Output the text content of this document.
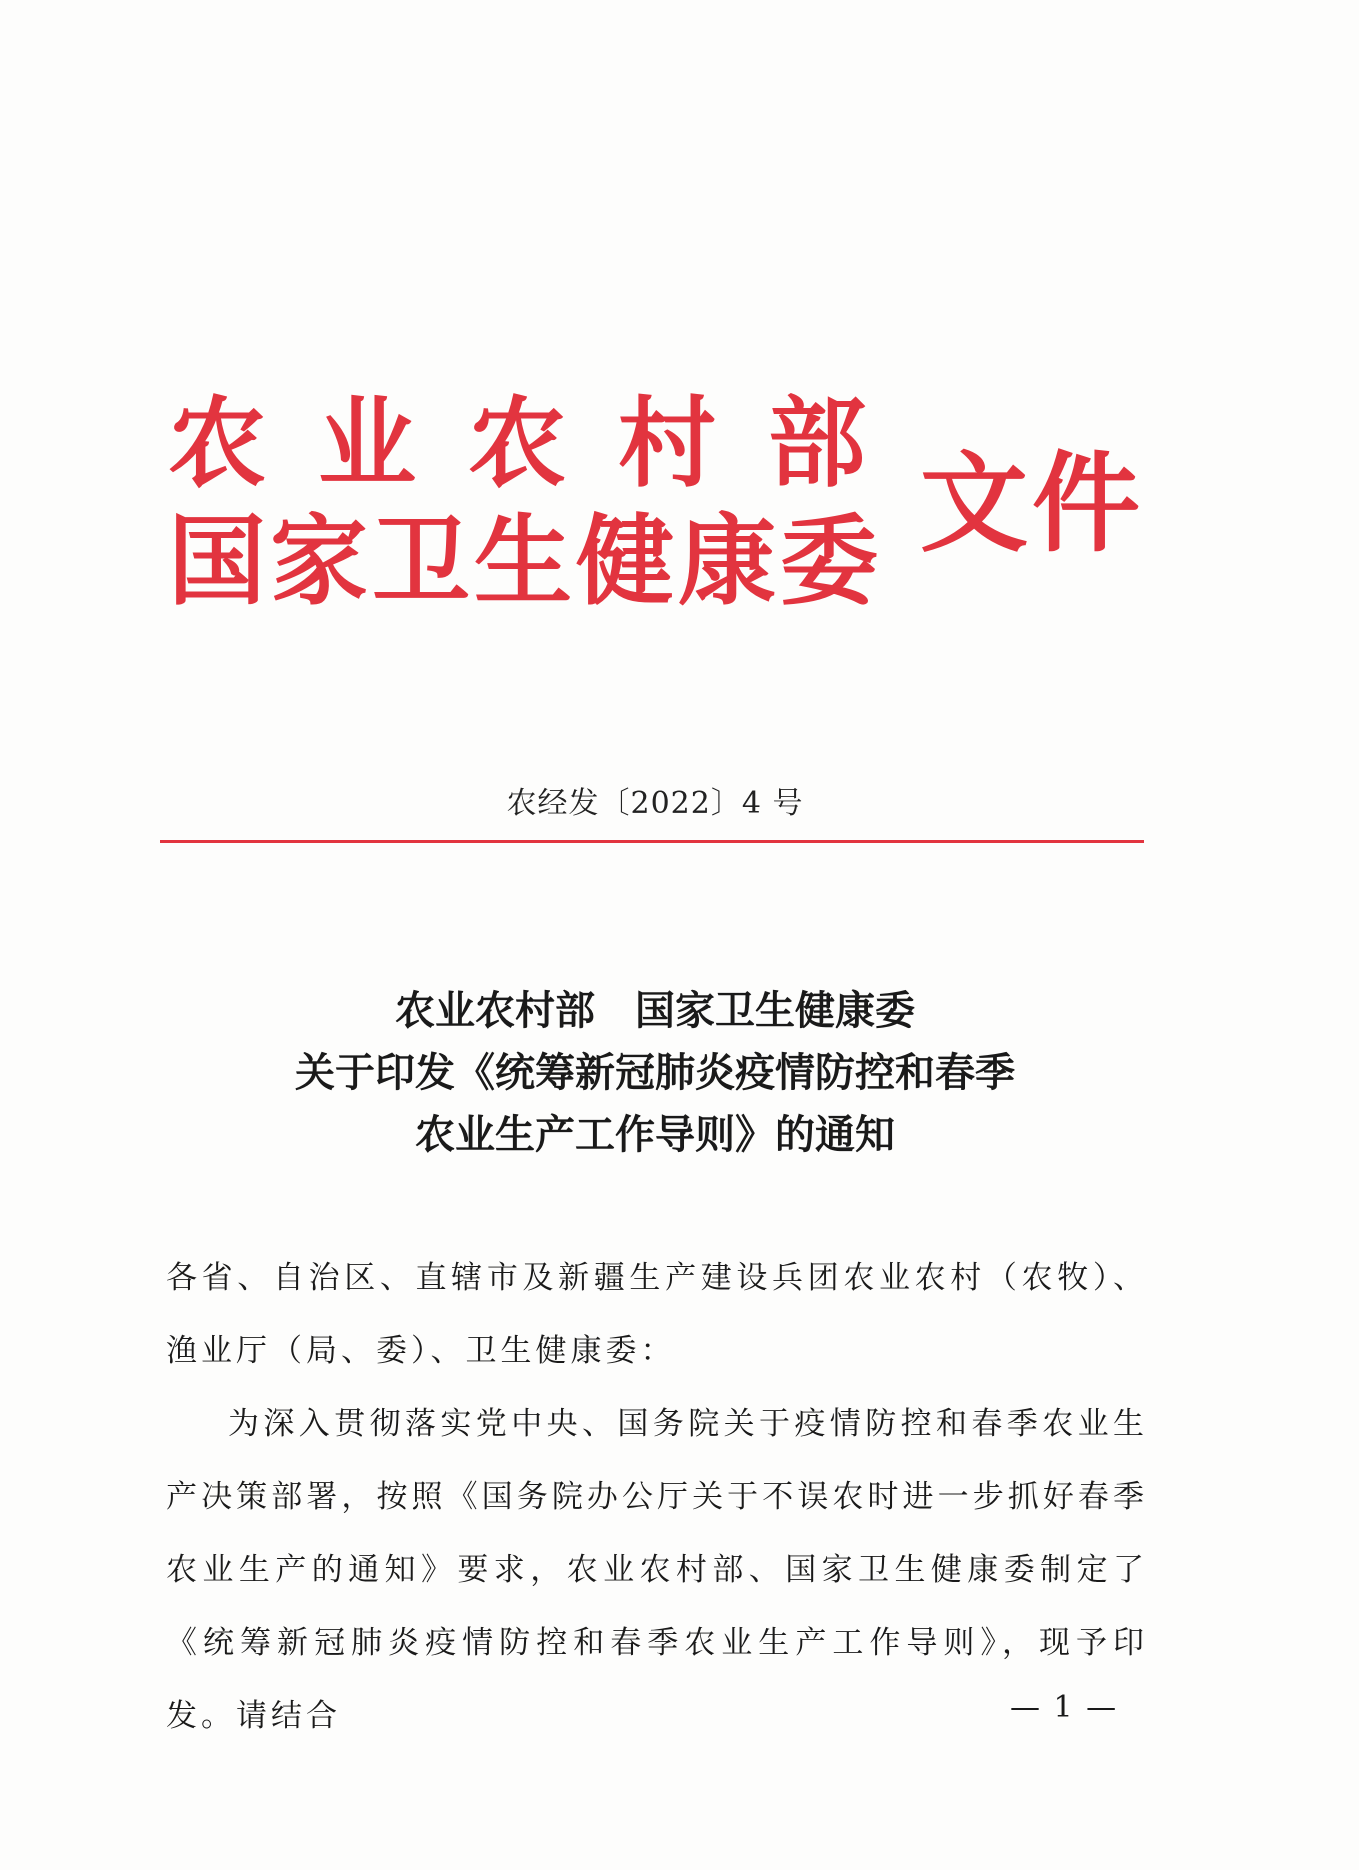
农业农村部
国家卫生健康委 文件
农经发〔2022〕4 号
农业农村部　国家卫生健康委
关于印发《统筹新冠肺炎疫情防控和春季
农业生产工作导则》的通知

各省、自治区、直辖市及新疆生产建设兵团农业农村（农牧）、渔业厅（局、委）、卫生健康委：

为深入贯彻落实党中央、国务院关于疫情防控和春季农业生产决策部署，按照《国务院办公厅关于不误农时进一步抓好春季农业生产的通知》要求，农业农村部、国家卫生健康委制定了《统筹新冠肺炎疫情防控和春季农业生产工作导则》，现予印发。请结合	— 1 —
